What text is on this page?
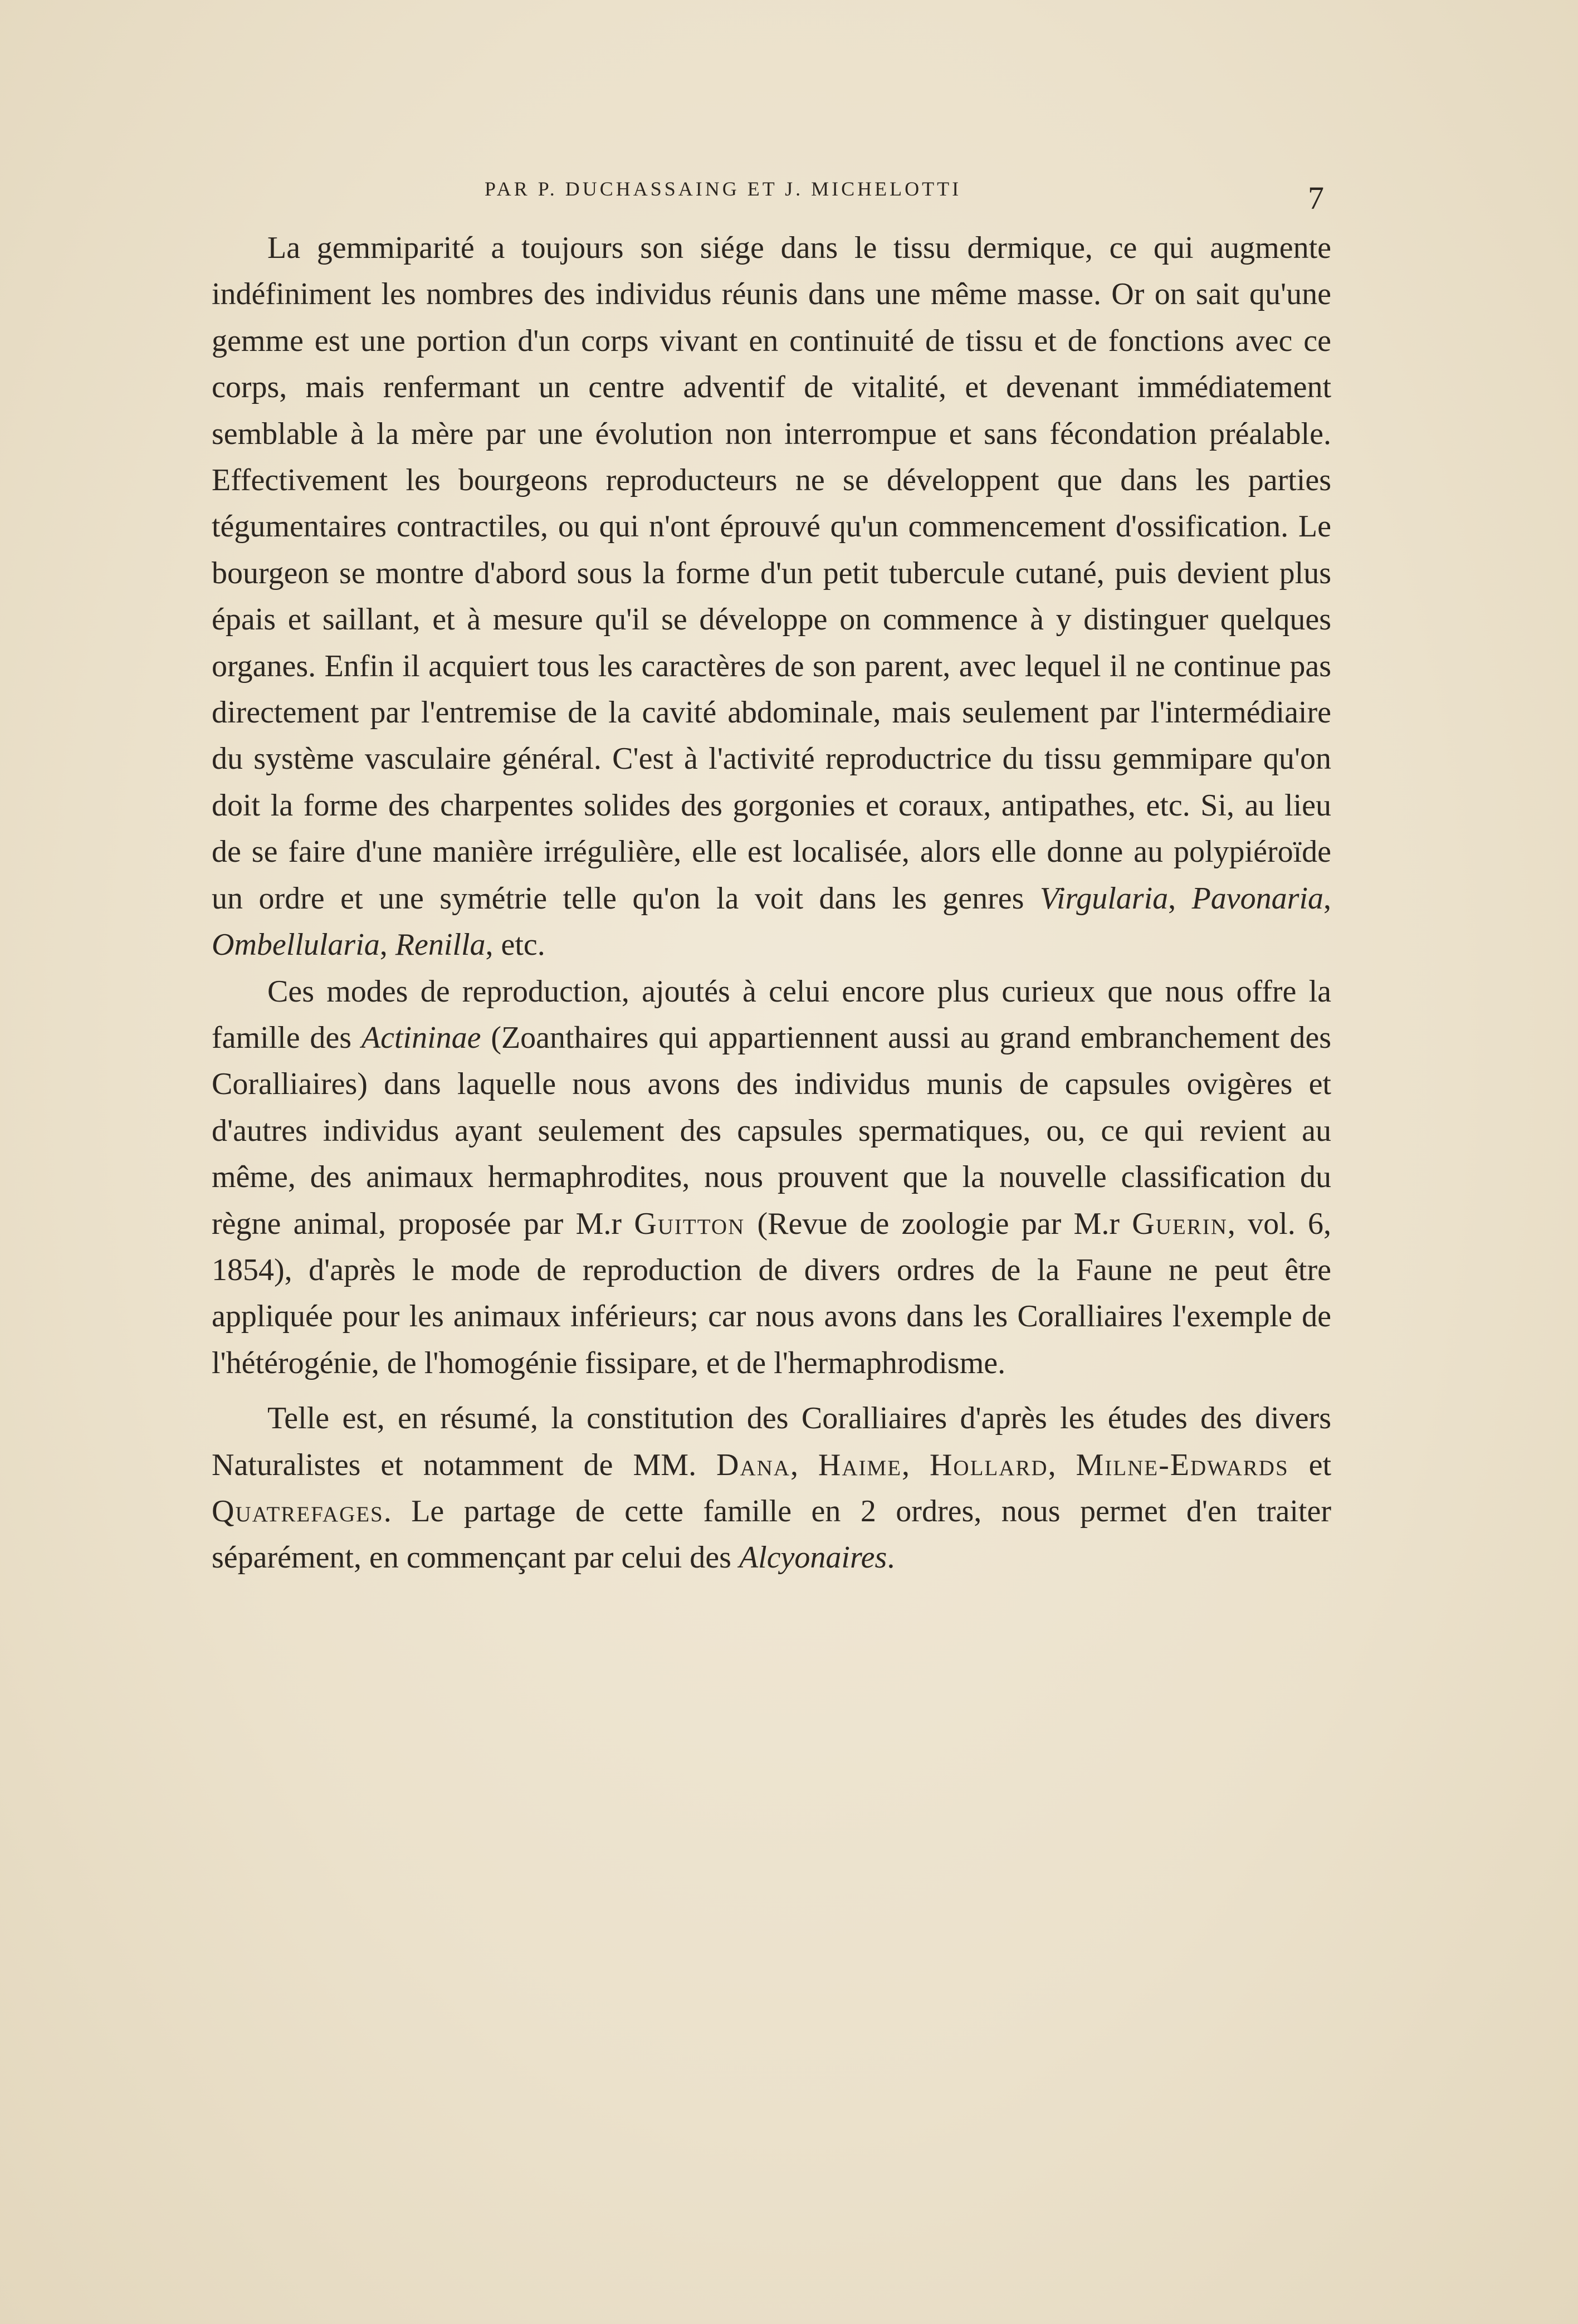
PAR P. DUCHASSAING ET J. MICHELOTTI	7

La gemmiparité a toujours son siége dans le tissu dermique, ce qui augmente indéfiniment les nombres des individus réunis dans une même masse. Or on sait qu'une gemme est une portion d'un corps vivant en continuité de tissu et de fonctions avec ce corps, mais renfermant un centre adventif de vitalité, et devenant immédiatement semblable à la mère par une évolution non interrompue et sans fécondation préalable. Effectivement les bourgeons reproducteurs ne se développent que dans les parties tégumentaires contractiles, ou qui n'ont éprouvé qu'un commencement d'ossification. Le bourgeon se montre d'abord sous la forme d'un petit tubercule cutané, puis devient plus épais et saillant, et à mesure qu'il se développe on commence à y distinguer quelques organes. Enfin il acquiert tous les caractères de son parent, avec lequel il ne continue pas directement par l'entremise de la cavité abdominale, mais seulement par l'intermédiaire du système vasculaire général. C'est à l'activité reproductrice du tissu gemmipare qu'on doit la forme des charpentes solides des gorgonies et coraux, antipathes, etc. Si, au lieu de se faire d'une manière irrégulière, elle est localisée, alors elle donne au polypiéroïde un ordre et une symétrie telle qu'on la voit dans les genres Virgularia, Pavonaria, Ombellularia, Renilla, etc.

Ces modes de reproduction, ajoutés à celui encore plus curieux que nous offre la famille des Actininae (Zoanthaires qui appartiennent aussi au grand embranchement des Coralliaires) dans laquelle nous avons des individus munis de capsules ovigères et d'autres individus ayant seulement des capsules spermatiques, ou, ce qui revient au même, des animaux hermaphrodites, nous prouvent que la nouvelle classification du règne animal, proposée par M.r Guitton (Revue de zoologie par M.r Guerin, vol. 6, 1854), d'après le mode de reproduction de divers ordres de la Faune ne peut être appliquée pour les animaux inférieurs; car nous avons dans les Coralliaires l'exemple de l'hétérogénie, de l'homogénie fissipare, et de l'hermaphrodisme.

Telle est, en résumé, la constitution des Coralliaires d'après les études des divers Naturalistes et notamment de MM. Dana, Haime, Hollard, Milne-Edwards et Quatrefages. Le partage de cette famille en 2 ordres, nous permet d'en traiter séparément, en commençant par celui des Alcyonaires.
